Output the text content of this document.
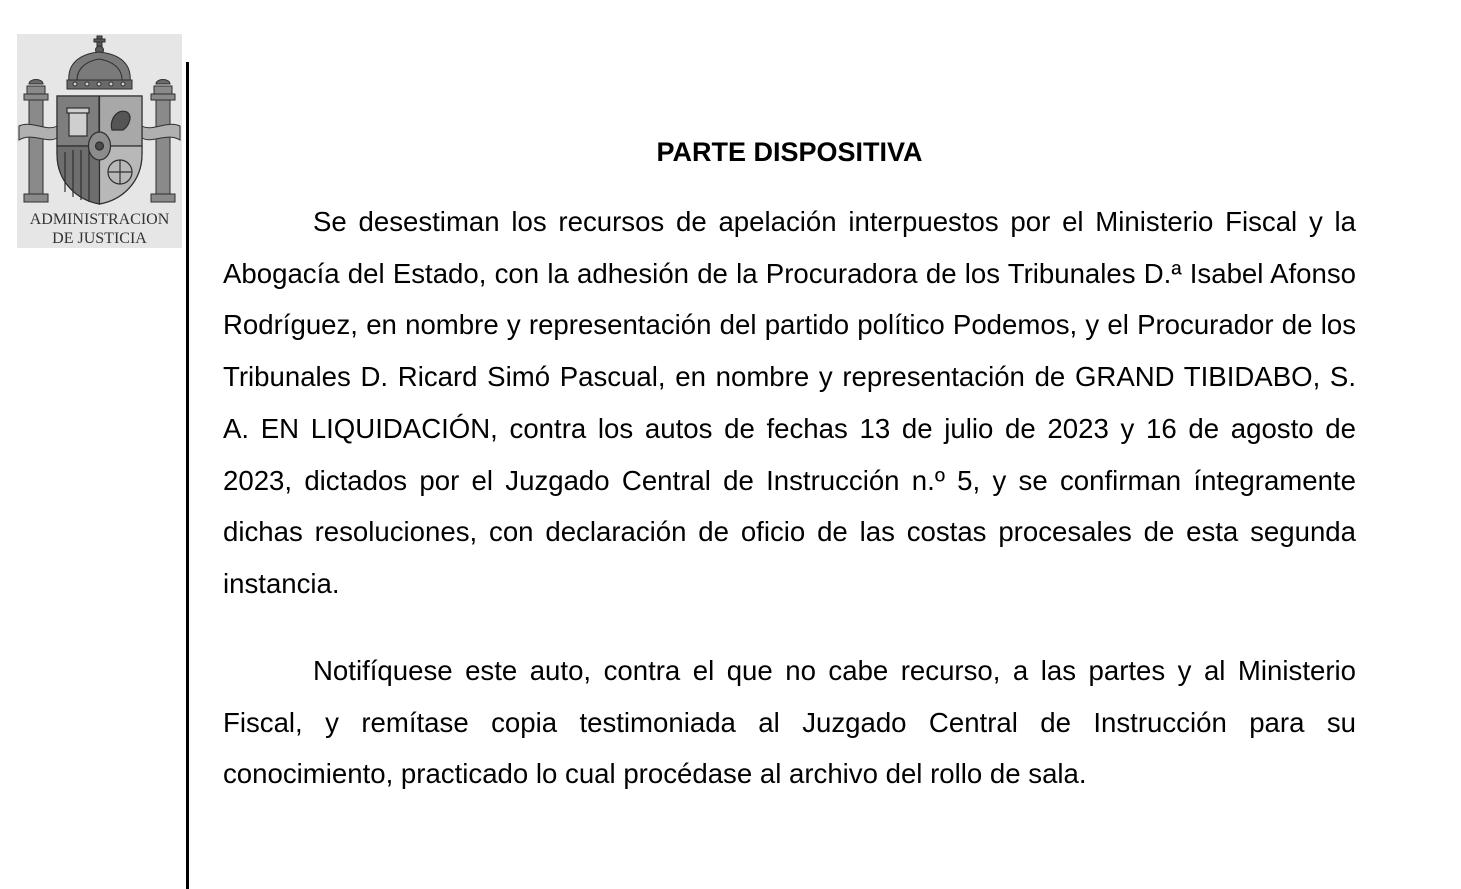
ADMINISTRACION
DE JUSTICIA
PARTE DISPOSITIVA

Se desestiman los recursos de apelación interpuestos por el Ministerio Fiscal y la Abogacía del Estado, con la adhesión de la Procuradora de los Tribunales D.ª Isabel Afonso Rodríguez, en nombre y representación del partido político Podemos, y el Procurador de los Tribunales D. Ricard Simó Pascual, en nombre y representación de GRAND TIBIDABO, S. A. EN LIQUIDACIÓN, contra los autos de fechas 13 de julio de 2023 y 16 de agosto de 2023, dictados por el Juzgado Central de Instrucción n.º 5, y se confirman íntegramente dichas resoluciones, con declaración de oficio de las costas procesales de esta segunda instancia.

Notifíquese este auto, contra el que no cabe recurso, a las partes y al Ministerio Fiscal, y remítase copia testimoniada al Juzgado Central de Instrucción para su conocimiento, practicado lo cual procédase al archivo del rollo de sala.
